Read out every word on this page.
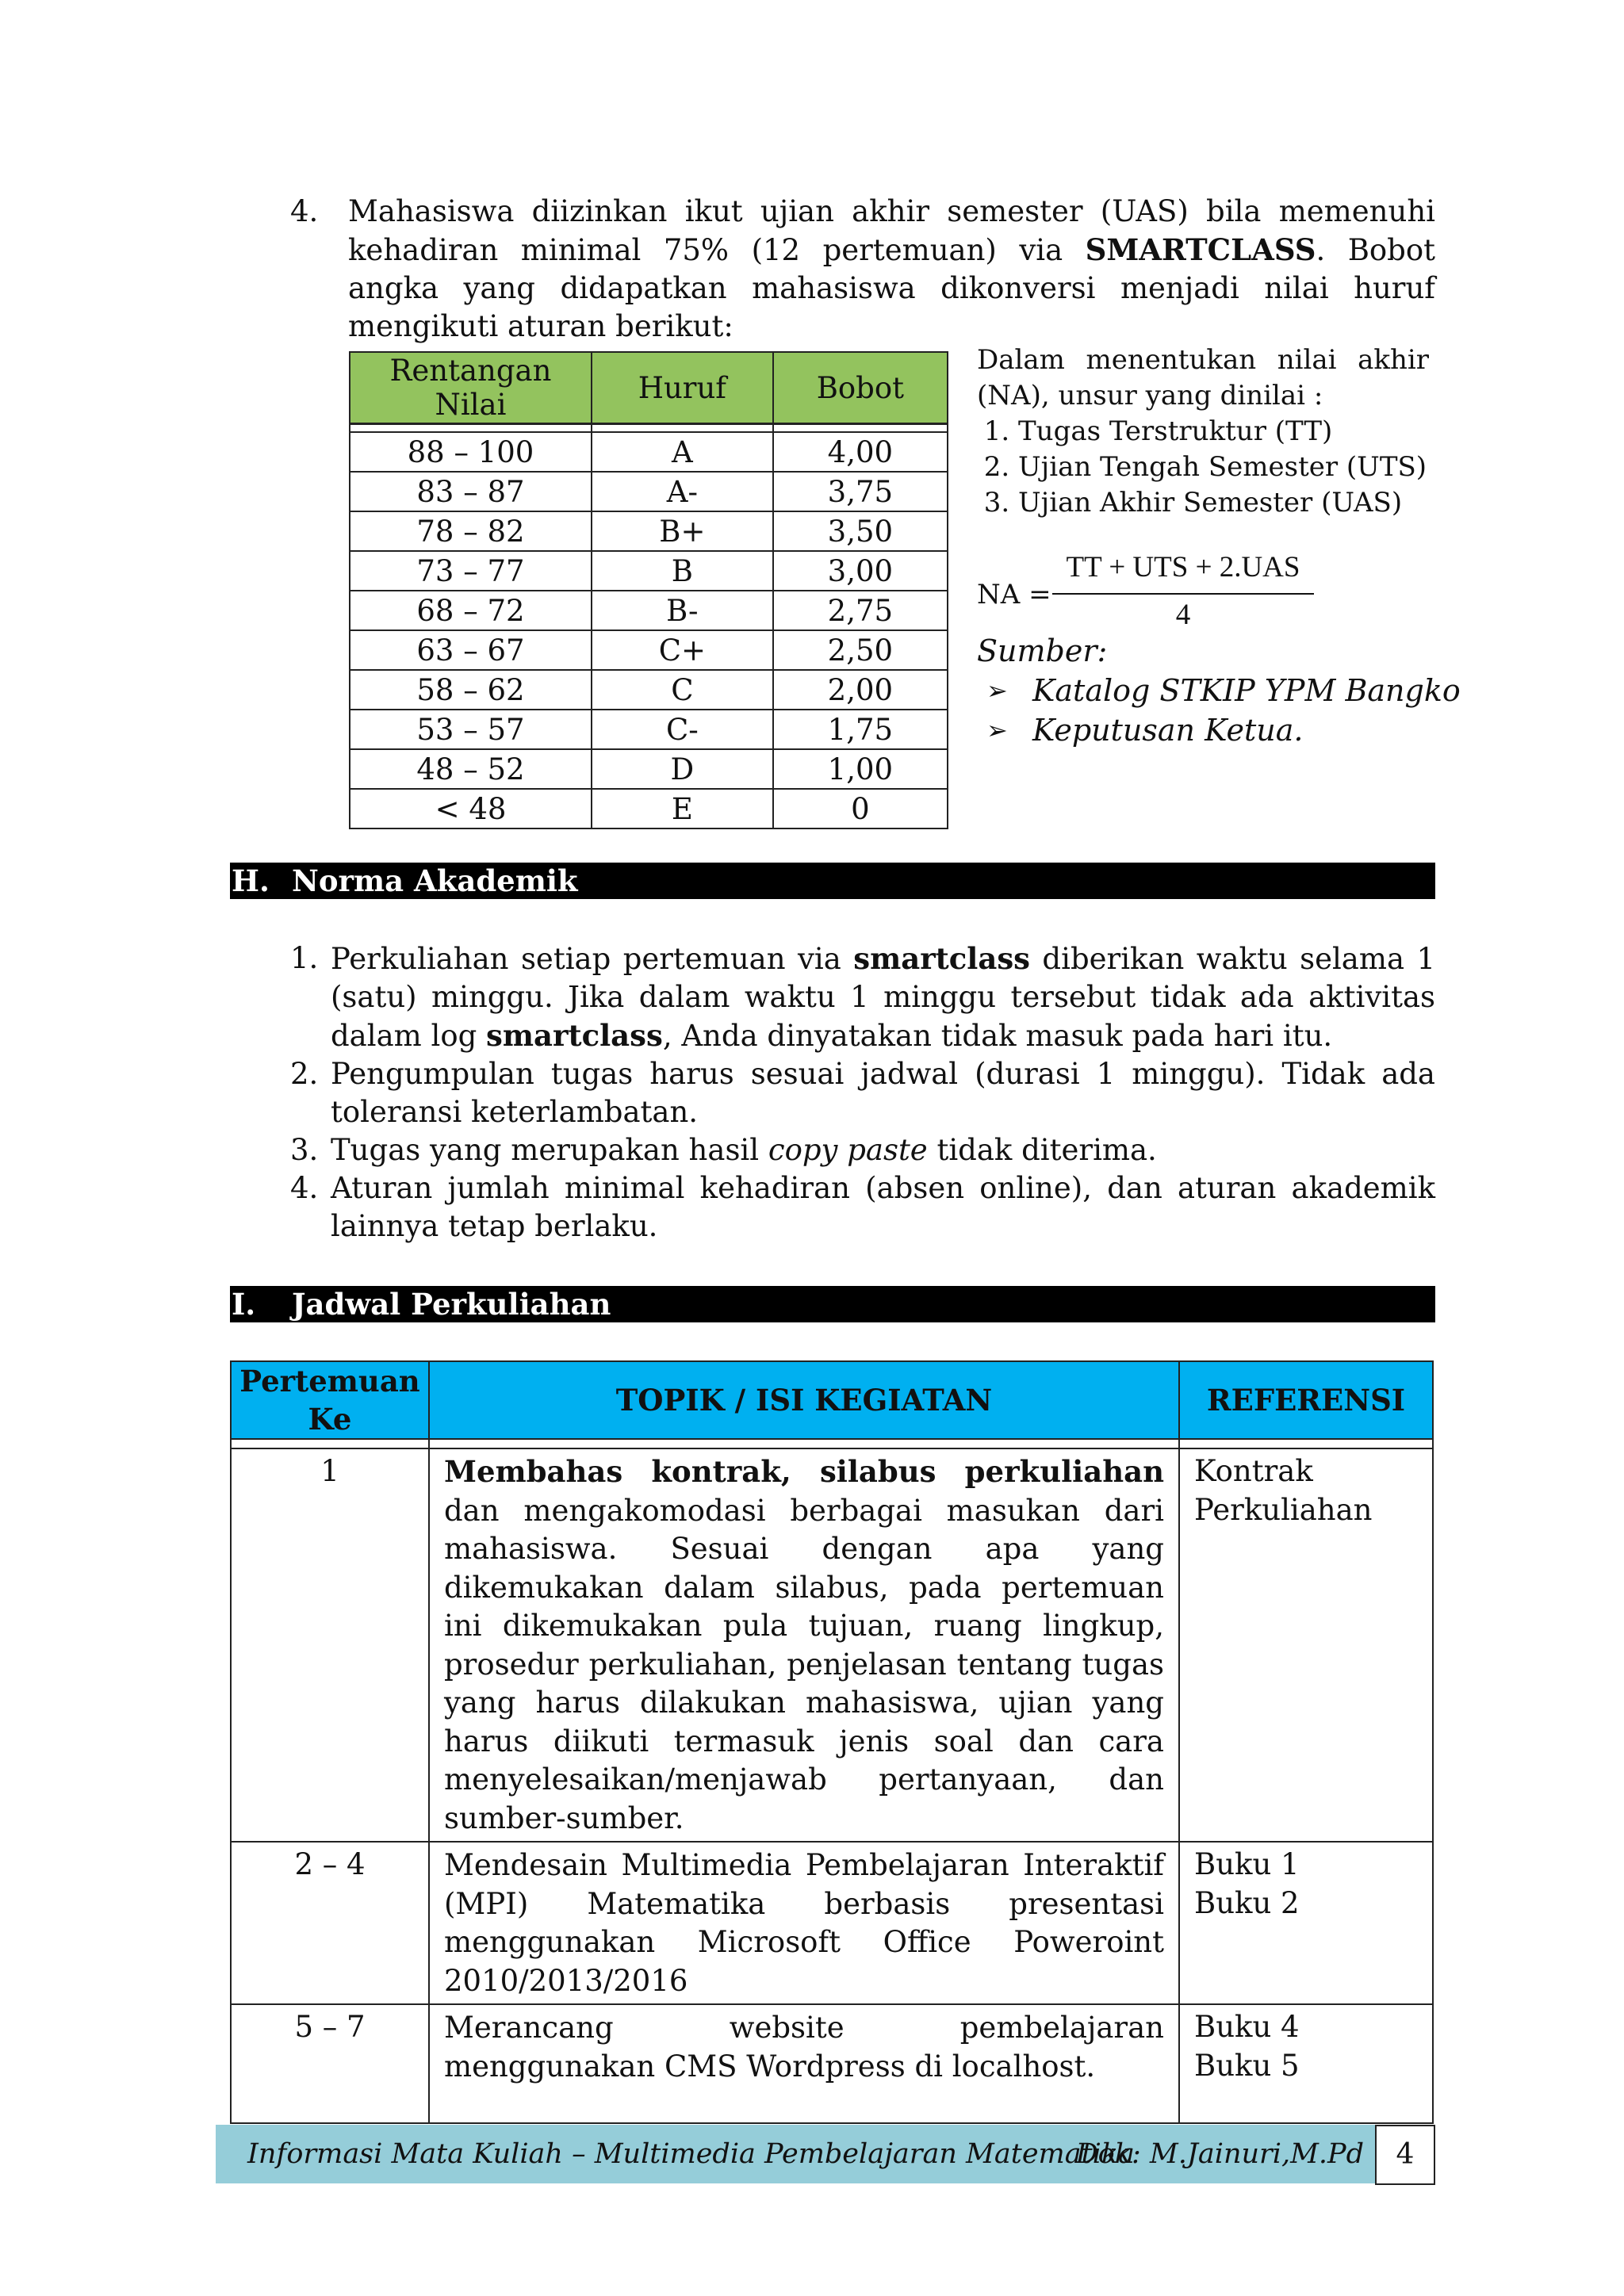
4. Mahasiswa diizinkan ikut ujian akhir semester (UAS) bila memenuhi kehadiran minimal 75% (12 pertemuan) via SMARTCLASS. Bobot angka yang didapatkan mahasiswa dikonversi menjadi nilai huruf mengikuti aturan berikut:
Rentangan Nilai	Huruf	Bobot

88 – 100	A	4,00
83 – 87	A-	3,75
78 – 82	B+	3,50
73 – 77	B	3,00
68 – 72	B-	2,75
63 – 67	C+	2,50
58 – 62	C	2,00
53 – 57	C-	1,75
48 – 52	D	1,00
< 48	E	0
Dalam menentukan nilai akhir (NA), unsur yang dinilai :
1. Tugas Terstruktur (TT)
2. Ujian Tengah Semester (UTS)
3. Ujian Akhir Semester (UAS)
NA =
TT + UTS + 2.UAS
4
Sumber:
➢ Katalog STKIP YPM Bangko
➢ Keputusan Ketua.
H. Norma Akademik
1. Perkuliahan setiap pertemuan via smartclass diberikan waktu selama 1 (satu) minggu. Jika dalam waktu 1 minggu tersebut tidak ada aktivitas dalam log smartclass, Anda dinyatakan tidak masuk pada hari itu.
2. Pengumpulan tugas harus sesuai jadwal (durasi 1 minggu). Tidak ada toleransi keterlambatan.
3. Tugas yang merupakan hasil copy paste tidak diterima.
4. Aturan jumlah minimal kehadiran (absen online), dan aturan akademik lainnya tetap berlaku.
I. Jadwal Perkuliahan
Pertemuan Ke	TOPIK / ISI KEGIATAN	REFERENSI

1	Membahas kontrak, silabus perkuliahan dan mengakomodasi berbagai masukan dari mahasiswa. Sesuai dengan apa yang dikemukakan dalam silabus, pada pertemuan ini dikemukakan pula tujuan, ruang lingkup, prosedur perkuliahan, penjelasan tentang tugas yang harus dilakukan mahasiswa, ujian yang harus diikuti termasuk jenis soal dan cara menyelesaikan/menjawab pertanyaan, dan sumber-sumber.	Kontrak
Perkuliahan

2 – 4	Mendesain Multimedia Pembelajaran Interaktif (MPI) Matematika berbasis presentasi menggunakan Microsoft Office Poweroint 2010/2013/2016	Buku 1
Buku 2

5 – 7	Merancang website pembelajaran menggunakan CMS Wordpress di localhost.	Buku 4
Buku 5
Informasi Mata Kuliah – Multimedia Pembelajaran Matematika
Dok: M.Jainuri,M.Pd	4
